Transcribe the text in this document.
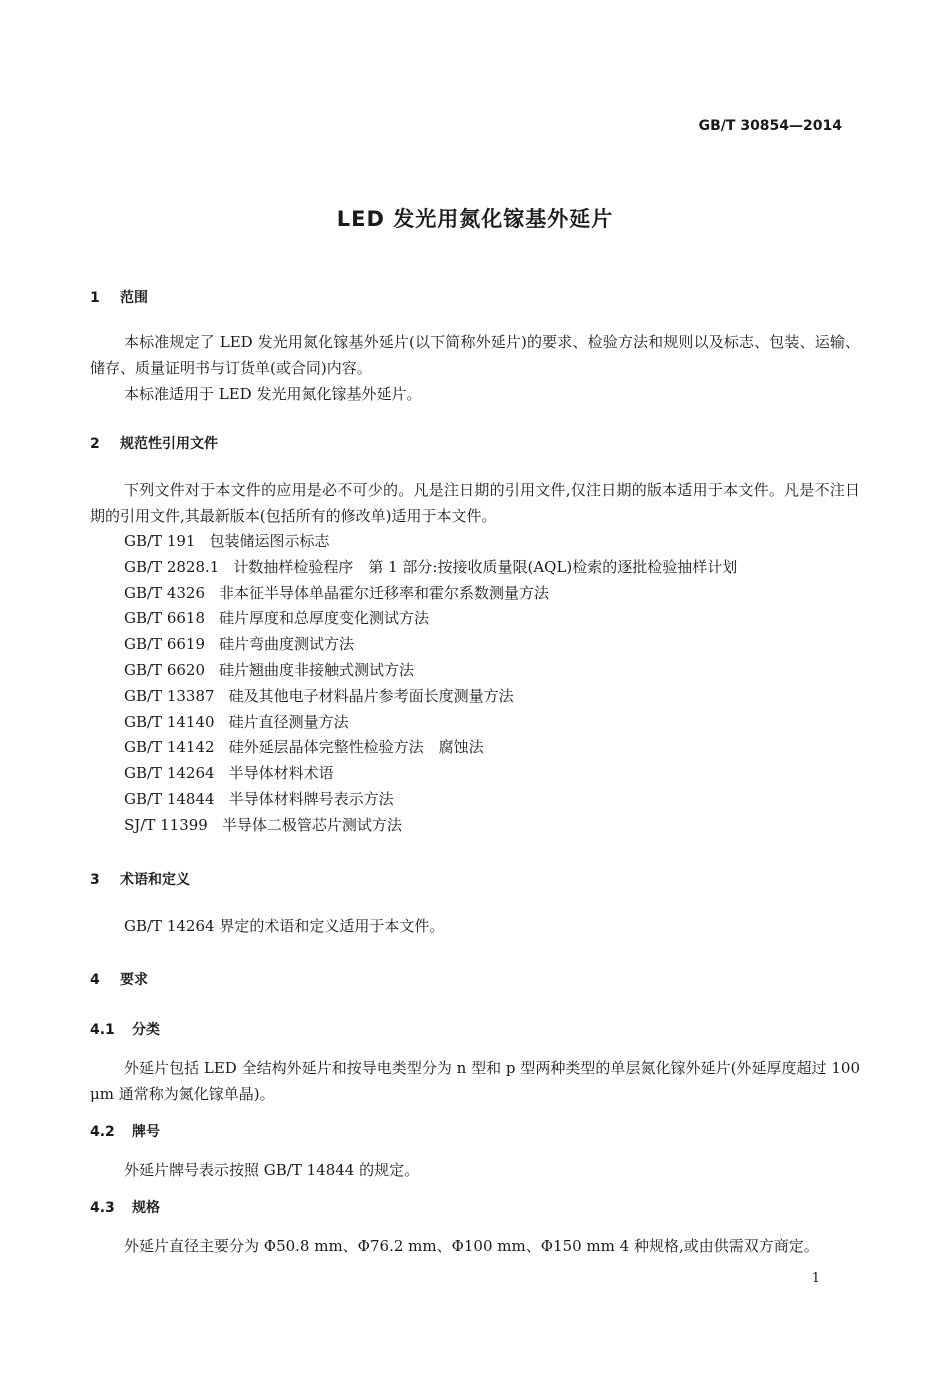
GB/T 30854—2014
LED 发光用氮化镓基外延片
1 范围

本标准规定了 LED 发光用氮化镓基外延片(以下简称外延片)的要求、检验方法和规则以及标志、包装、运输、储存、质量证明书与订货单(或合同)内容。

本标准适用于 LED 发光用氮化镓基外延片。

2 规范性引用文件

下列文件对于本文件的应用是必不可少的。凡是注日期的引用文件,仅注日期的版本适用于本文件。凡是不注日期的引用文件,其最新版本(包括所有的修改单)适用于本文件。

GB/T 191 包装储运图示标志
GB/T 2828.1 计数抽样检验程序　第 1 部分:按接收质量限(AQL)检索的逐批检验抽样计划
GB/T 4326 非本征半导体单晶霍尔迁移率和霍尔系数测量方法
GB/T 6618 硅片厚度和总厚度变化测试方法
GB/T 6619 硅片弯曲度测试方法
GB/T 6620 硅片翘曲度非接触式测试方法
GB/T 13387 硅及其他电子材料晶片参考面长度测量方法
GB/T 14140 硅片直径测量方法
GB/T 14142 硅外延层晶体完整性检验方法　腐蚀法
GB/T 14264 半导体材料术语
GB/T 14844 半导体材料牌号表示方法
SJ/T 11399 半导体二极管芯片测试方法
3 术语和定义

GB/T 14264 界定的术语和定义适用于本文件。

4 要求
4.1 分类

外延片包括 LED 全结构外延片和按导电类型分为 n 型和 p 型两种类型的单层氮化镓外延片(外延厚度超过 100 μm 通常称为氮化镓单晶)。

4.2 牌号

外延片牌号表示按照 GB/T 14844 的规定。

4.3 规格

外延片直径主要分为 Φ50.8 mm、Φ76.2 mm、Φ100 mm、Φ150 mm 4 种规格,或由供需双方商定。

1
